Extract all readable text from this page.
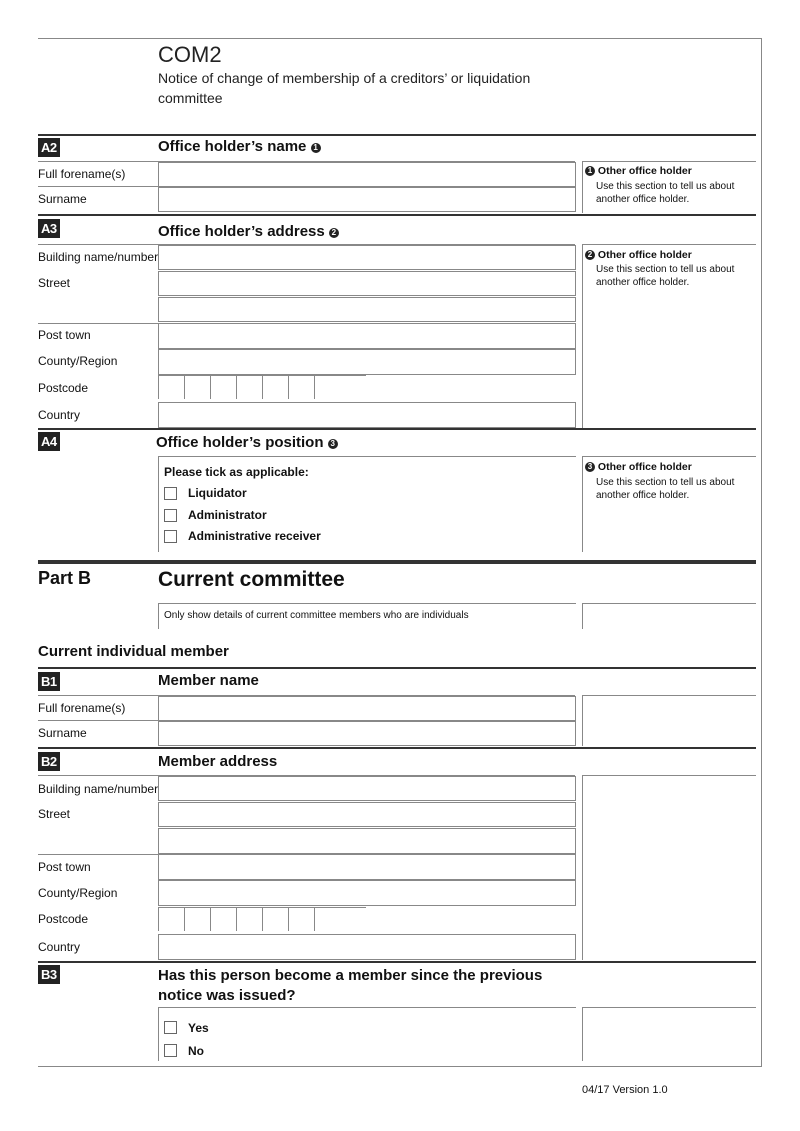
COM2
Notice of change of membership of a creditors’ or liquidation committee
A2	Office holder’s name 1
Full forename(s)
Surname
1 Other office holder
Use this section to tell us about another office holder.
A3	Office holder’s address 2
Building name/number
Street
Post town
County/Region
Postcode
Country
2 Other office holder
Use this section to tell us about another office holder.
A4	Office holder’s position 3
Please tick as applicable:
Liquidator
Administrator
Administrative receiver
3 Other office holder
Use this section to tell us about another office holder.
Part B	Current committee
Only show details of current committee members who are individuals
Current individual member
B1	Member name
Full forename(s)
Surname
B2	Member address
Building name/number
Street
Post town
County/Region
Postcode
Country
B3	Has this person become a member since the previous notice was issued?
Yes
No
04/17 Version 1.0
